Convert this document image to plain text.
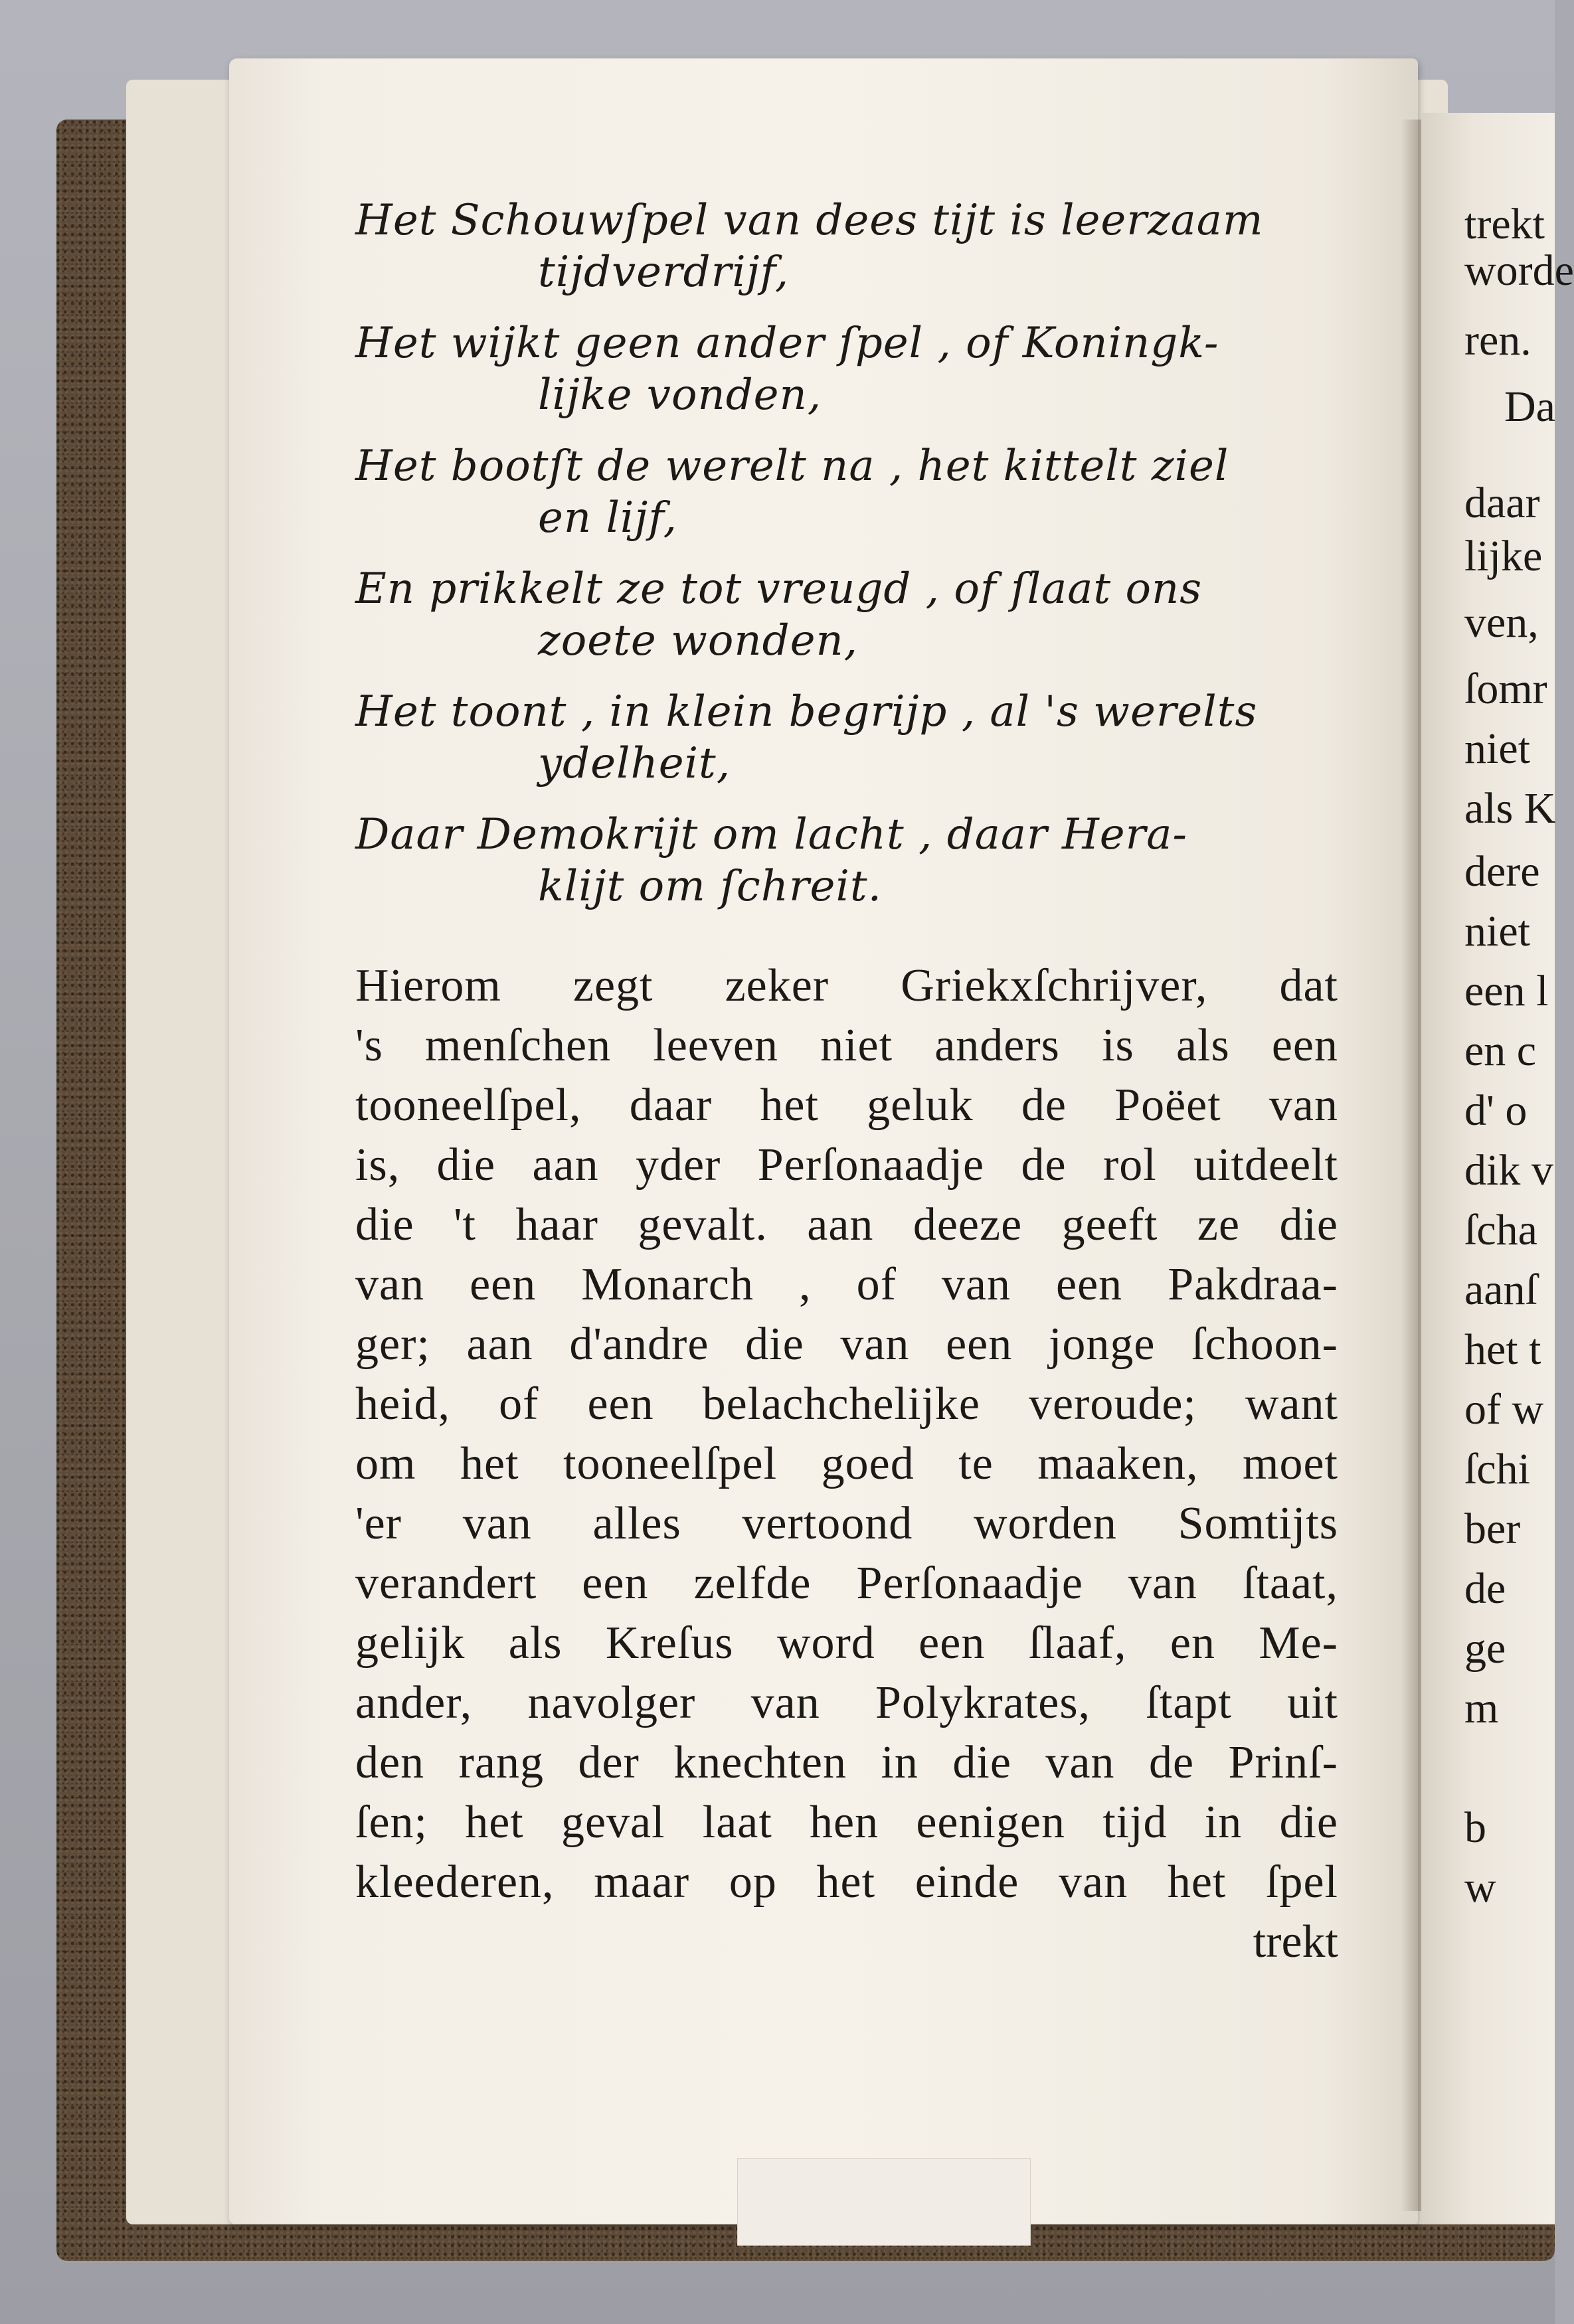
Het Schouwſpel van dees tijt is leerzaam
tijdverdrijf,
Het wijkt geen ander ſpel , of Koningk-
lijke vonden,
Het bootſt de werelt na , het kittelt ziel
en lijf,
En prikkelt ze tot vreugd , of ſlaat ons
zoete wonden,
Het toont , in klein begrijp , al 's werelts
ydelheit,
Daar Demokrijt om lacht , daar Hera-
klijt om ſchreit.
Hierom zegt zeker Griekxſchrijver, dat
's menſchen leeven niet anders is als een
tooneelſpel, daar het geluk de Poëet van
is, die aan yder Perſonaadje de rol uitdeelt
die 't haar gevalt. aan deeze geeft ze die
van een Monarch , of van een Pakdraa-
ger; aan d'andre die van een jonge ſchoon-
heid, of een belachchelijke veroude; want
om het tooneelſpel goed te maaken, moet
'er van alles vertoond worden Somtijts
verandert een zelfde Perſonaadje van ſtaat,
gelijk als Kreſus word een ſlaaf, en Me-
ander, navolger van Polykrates, ſtapt uit
den rang der knechten in die van de Prinſ-
ſen; het geval laat hen eenigen tijd in die
kleederen, maar op het einde van het ſpel
trekt
trekt
worde
ren.
Da
daar
lijke
ven,
ſomr
niet
als K
dere
niet
een l
en c
d' o
dik v
ſcha
aanſ
het t
of w
ſchi
ber
de
ge
m
b
w
